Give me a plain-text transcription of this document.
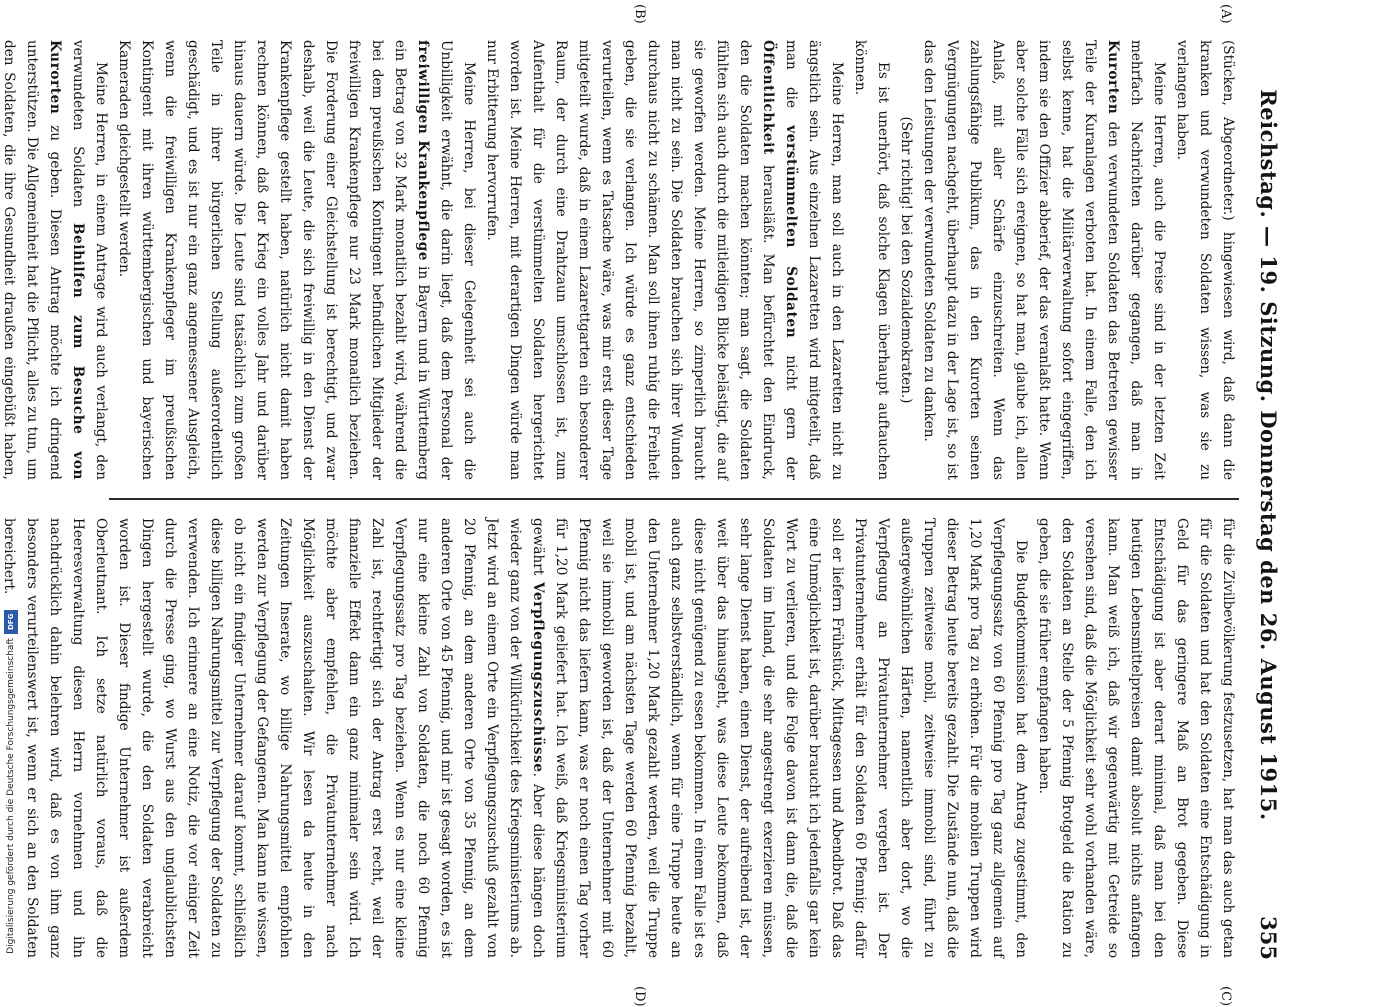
DFG
Digitalisierung gefördert durch die Deutsche Forschungsgemeinschaft	Reichstag. — 19. Sitzung. Donnerstag den 26. August 1915.
355
(A)
(B)
(C)
(D)

(Stücken, Abgeordneter.) hingewiesen wird, daß dann die kranken und verwundeten Soldaten wissen, was sie zu verlangen haben.

Meine Herren, auch die Preise sind in der letzten Zeit mehrfach Nachrichten darüber gegangen, daß man in Kurorten den verwundeten Soldaten das Betreten gewisser Teile der Kuranlagen verboten hat. In einem Falle, den ich selbst kenne, hat die Militärverwaltung sofort eingegriffen, indem sie den Offizier abberief, der das veranlaßt hatte. Wenn aber solche Fälle sich ereignen, so hat man, glaube ich, allen Anlaß, mit aller Schärfe einzuschreiten. Wenn das zahlungsfähige Publikum, das in den Kurorten seinen Vergnügungen nachgeht, überhaupt dazu in der Lage ist, so ist das den Leistungen der verwundeten Soldaten zu danken.

(Sehr richtig! bei den Sozialdemokraten.)

Es ist unerhört, daß solche Klagen überhaupt auftauchen können.

Meine Herren, man soll auch in den Lazaretten nicht zu ängstlich sein. Aus einzelnen Lazaretten wird mitgeteilt, daß man die verstümmelten Soldaten nicht gern der Öffentlichkeit herausläßt. Man befürchtet den Eindruck, den die Soldaten machen könnten; man sagt, die Soldaten fühlten sich auch durch die mitleidigen Blicke belästigt, die auf sie geworfen werden. Meine Herren, so zimperlich braucht man nicht zu sein. Die Soldaten brauchen sich ihrer Wunden durchaus nicht zu schämen. Man soll ihnen ruhig die Freiheit geben, die sie verlangen. Ich würde es ganz entschieden verurteilen, wenn es Tatsache wäre, was mir erst dieser Tage mitgeteilt wurde, daß in einem Lazarettgarten ein besonderer Raum, der durch eine Drahtzaun umschlossen ist, zum Aufenthalt für die verstümmelten Soldaten hergerichtet worden ist. Meine Herren, mit derartigen Dingen würde man nur Erbitterung hervorrufen.

Meine Herren, bei dieser Gelegenheit sei auch die Unbilligkeit erwähnt, die darin liegt, daß dem Personal der freiwilligen Krankenpflege in Bayern und in Württemberg ein Betrag von 32 Mark monatlich bezahlt wird, während die bei dem preußischen Kontingent befindlichen Mitglieder der freiwilligen Krankenpflege nur 23 Mark monatlich beziehen. Die Forderung einer Gleichstellung ist berechtigt, und zwar deshalb, weil die Leute, die sich freiwillig in den Dienst der Krankenpflege gestellt haben, natürlich nicht damit haben rechnen können, daß der Krieg ein volles Jahr und darüber hinaus dauern würde. Die Leute sind tatsächlich zum großen Teile in ihrer bürgerlichen Stellung außerordentlich geschädigt, und es ist nur ein ganz angemessener Ausgleich, wenn die freiwilligen Krankenpfleger im preußischen Kontingent mit ihren württembergischen und bayerischen Kameraden gleichgestellt werden.

Meine Herren, in einem Antrage wird auch verlangt, den verwundeten Soldaten Beihilfen zum Besuche von Kurorten zu geben. Diesen Antrag möchte ich dringend unterstützen. Die Allgemeinheit hat die Pflicht, alles zu tun, um den Soldaten, die ihre Gesundheit draußen eingebüßt haben,

für die Zivilbevölkerung festzusetzen, hat man das auch getan für die Soldaten und hat den Soldaten eine Entschädigung in Geld für das geringere Maß an Brot gegeben. Diese Entschädigung ist aber derart minimal, daß man bei den heutigen Lebensmittelpreisen damit absolut nichts anfangen kann. Man weiß ich, daß wir gegenwärtig mit Getreide so versehen sind, daß die Möglichkeit sehr wohl vorhanden wäre, den Soldaten an Stelle der 5 Pfennig Brotgeld die Ration zu geben, die sie früher empfangen haben.

Die Budgetkommission hat dem Antrag zugestimmt, den Verpflegungssatz von 60 Pfennig pro Tag ganz allgemein auf 1,20 Mark pro Tag zu erhöhen. Für die mobilen Truppen wird dieser Betrag heute bereits gezahlt. Die Zustände nun, daß die Truppen zeitweise mobil, zeitweise immobil sind, führt zu außergewöhnlichen Härten, namentlich aber dort, wo die Verpflegung an Privatunternehmer vergeben ist. Der Privatunternehmer erhält für den Soldaten 60 Pfennig; dafür soll er liefern Frühstück, Mittagessen und Abendbrot. Daß das eine Unmöglichkeit ist, darüber braucht ich jedenfalls gar kein Wort zu verlieren, und die Folge davon ist dann die, daß die Soldaten im Inland, die sehr angestrengt exerzieren müssen, sehr lange Dienst haben, einen Dienst, der aufreibend ist, der weit über das hinausgeht, was diese Leute bekommen, daß diese nicht genügend zu essen bekommen. In einem Falle ist es auch ganz selbstverständlich, wenn für eine Truppe heute an den Unternehmer 1,20 Mark gezahlt werden, weil die Truppe mobil ist, und am nächsten Tage werden 60 Pfennig bezahlt, weil sie immobil geworden ist, daß der Unternehmer mit 60 Pfennig nicht das liefern kann, was er noch einen Tag vorher für 1,20 Mark geliefert hat. Ich weiß, daß Kriegsministerium gewährt Verpflegungszuschüsse. Aber diese hängen doch wieder ganz von der Willkürlichkeit des Kriegsministeriums ab. Jetzt wird an einem Orte ein Verpflegungszuschuß gezahlt von 20 Pfennig, an dem anderen Orte von 35 Pfennig, an dem anderen Orte von 45 Pfennig, und mir ist gesagt worden, es ist nur eine kleine Zahl von Soldaten, die noch 60 Pfennig Verpflegungssatz pro Tag beziehen. Wenn es nur eine kleine Zahl ist, rechtfertigt sich der Antrag erst recht, weil der finanzielle Effekt dann ein ganz minimaler sein wird. Ich möchte aber empfehlen, die Privatunternehmer nach Möglichkeit auszuschalten. Wir lesen da heute in den Zeitungen Inserate, wo billige Nahrungsmittel empfohlen werden zur Verpflegung der Gefangenen. Man kann nie wissen, ob nicht ein findiger Unternehmer darauf kommt, schließlich diese billigen Nahrungsmittel zur Verpflegung der Soldaten zu verwenden. Ich erinnere an eine Notiz, die vor einiger Zeit durch die Presse ging, wo Wurst aus den unglaublichsten Dingen hergestellt wurde, die den Soldaten verabreicht worden ist. Dieser findige Unternehmer ist außerdem Oberleutnant. Ich setze natürlich voraus, daß die Heeresverwaltung diesen Herrn vornehmen und ihn nachdrücklich dahin belehren wird, daß es von ihm ganz besonders verurteilenswert ist, wenn er sich an den Soldaten bereichert.
